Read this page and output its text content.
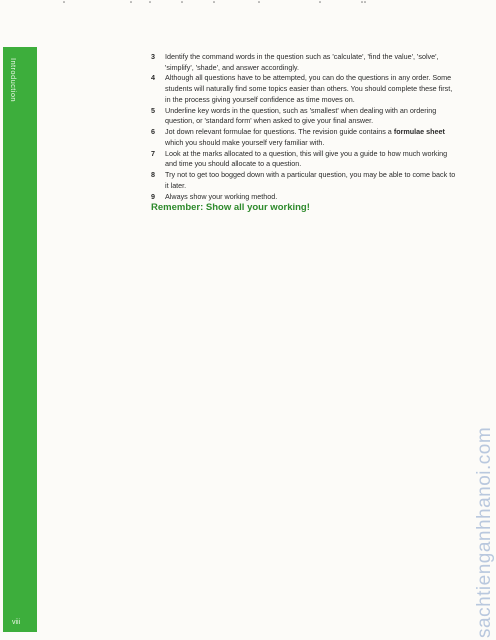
Introduction
viii
3 Identify the command words in the question such as 'calculate', 'find the value', 'solve', 'simplify', 'shade', and answer accordingly.
4 Although all questions have to be attempted, you can do the questions in any order. Some students will naturally find some topics easier than others. You should complete these first, in the process giving yourself confidence as time moves on.
5 Underline key words in the question, such as 'smallest' when dealing with an ordering question, or 'standard form' when asked to give your final answer.
6 Jot down relevant formulae for questions. The revision guide contains a formulae sheet which you should make yourself very familiar with.
7 Look at the marks allocated to a question, this will give you a guide to how much working and time you should allocate to a question.
8 Try not to get too bogged down with a particular question, you may be able to come back to it later.
9 Always show your working method.
Remember: Show all your working!
sachtienganhhanoi.com
